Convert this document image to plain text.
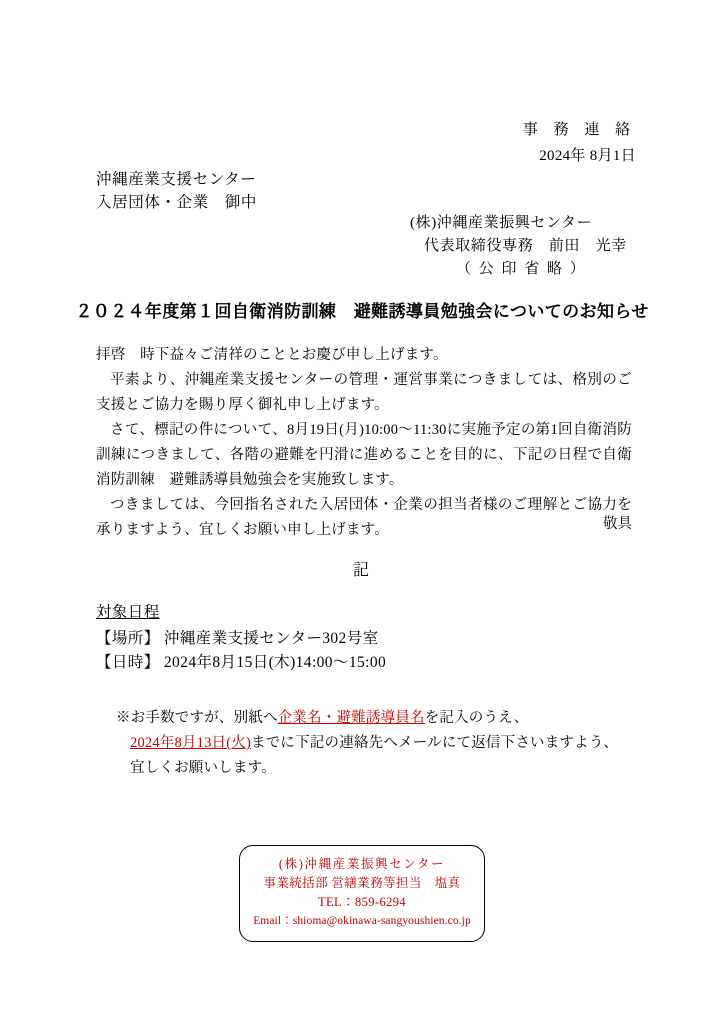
事 務 連 絡
2024年 8月1日
沖縄産業支援センター
入居団体・企業　御中
(株)沖縄産業振興センター
代表取締役専務　前田　光幸
（ 公 印 省 略 ）
２０２４年度第１回自衛消防訓練　避難誘導員勉強会についてのお知らせ

拝啓　時下益々ご清祥のこととお慶び申し上げます。

平素より、沖縄産業支援センターの管理・運営事業につきましては、格別のご支援とご協力を賜り厚く御礼申し上げます。

さて、標記の件について、8月19日(月)10:00～11:30に実施予定の第1回自衛消防訓練につきまして、各階の避難を円滑に進めることを目的に、下記の日程で自衛消防訓練　避難誘導員勉強会を実施致します。

つきましては、今回指名された入居団体・企業の担当者様のご理解とご協力を承りますよう、宜しくお願い申し上げます。	敬具
記
対象日程
【場所】 沖縄産業支援センター302号室
【日時】 2024年8月15日(木)14:00～15:00

※お手数ですが、別紙へ企業名・避難誘導員名を記入のうえ、

2024年8月13日(火)までに下記の連絡先へメールにて返信下さいますよう、

宜しくお願いします。

(株)沖縄産業振興センター
事業統括部 営繕業務等担当　塩真
TEL：859-6294
Email：shioma@okinawa-sangyoushien.co.jp
